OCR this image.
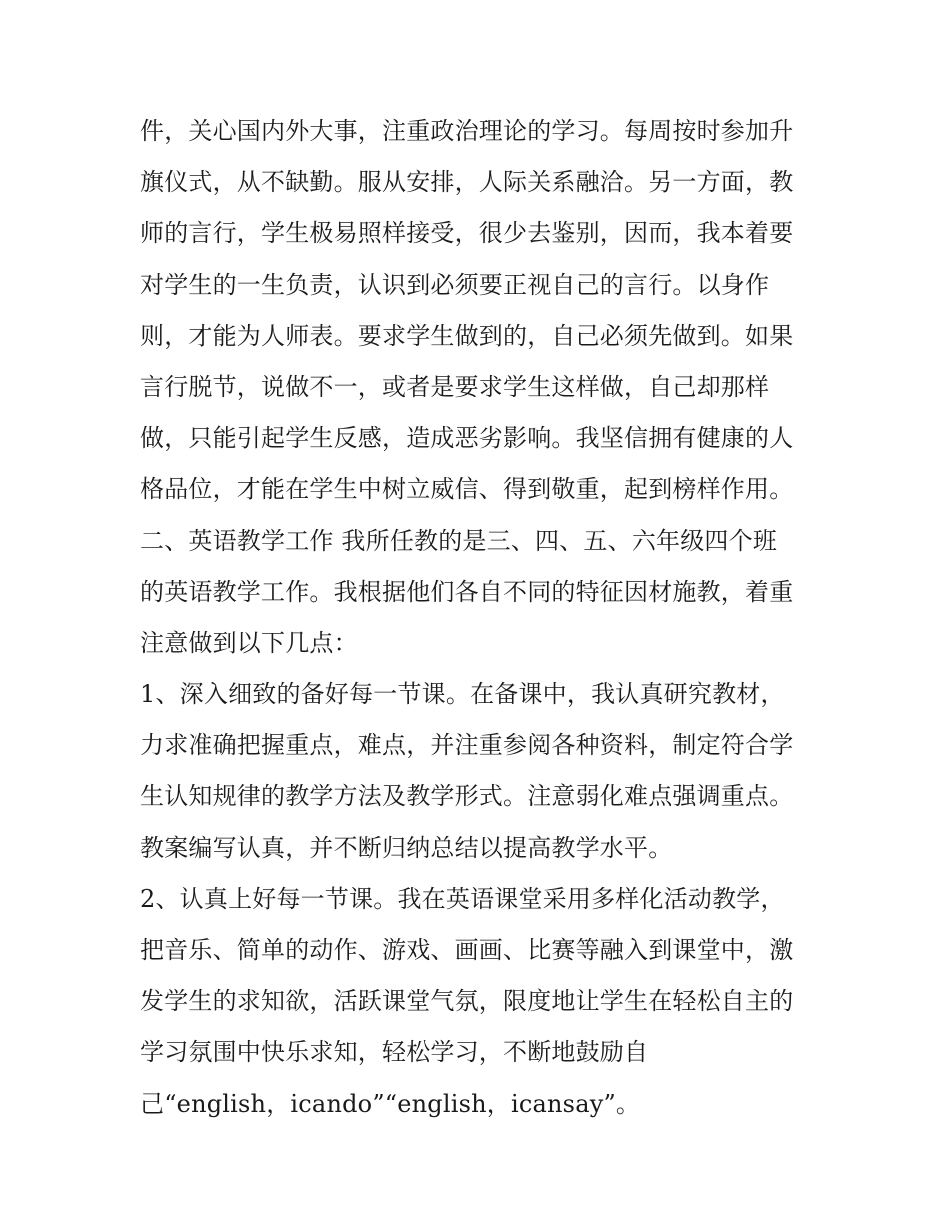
件，关心国内外大事，注重政治理论的学习。每周按时参加升
旗仪式，从不缺勤。服从安排，人际关系融洽。另一方面，教
师的言行，学生极易照样接受，很少去鉴别，因而，我本着要
对学生的一生负责，认识到必须要正视自己的言行。以身作
则，才能为人师表。要求学生做到的，自己必须先做到。如果
言行脱节，说做不一，或者是要求学生这样做，自己却那样
做，只能引起学生反感，造成恶劣影响。我坚信拥有健康的人
格品位，才能在学生中树立威信、得到敬重，起到榜样作用。
二、英语教学工作 我所任教的是三、四、五、六年级四个班
的英语教学工作。我根据他们各自不同的特征因材施教，着重
注意做到以下几点：
1、深入细致的备好每一节课。在备课中，我认真研究教材，
力求准确把握重点，难点，并注重参阅各种资料，制定符合学
生认知规律的教学方法及教学形式。注意弱化难点强调重点。
教案编写认真，并不断归纳总结以提高教学水平。
2、认真上好每一节课。我在英语课堂采用多样化活动教学，
把音乐、简单的动作、游戏、画画、比赛等融入到课堂中，激
发学生的求知欲，活跃课堂气氛，限度地让学生在轻松自主的
学习氛围中快乐求知，轻松学习，不断地鼓励自
己“english，icando”“english，icansay”。
